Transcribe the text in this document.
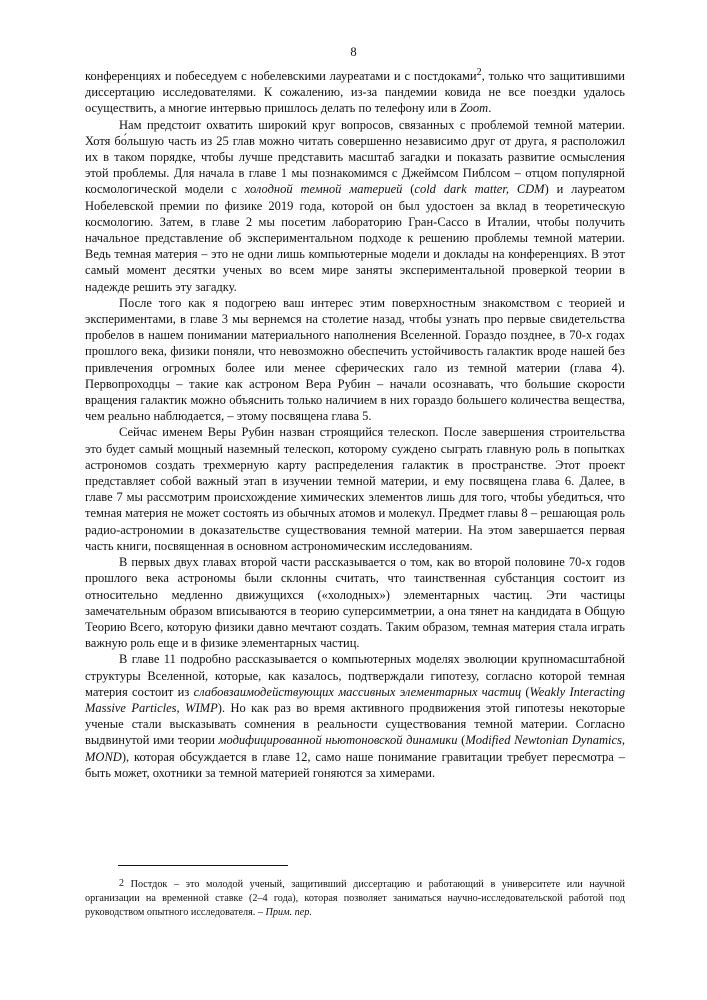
8

конференциях и побеседуем с нобелевскими лауреатами и с постдоками$^2$, только что защитившими диссертацию исследователями. К сожалению, из-за пандемии ковида не все поездки удалось осуществить, а многие интервью пришлось делать по телефону или в Zoom.

Нам предстоит охватить широкий круг вопросов, связанных с проблемой темной материи. Хотя бо́льшую часть из 25 глав можно читать совершенно независимо друг от друга, я расположил их в таком порядке, чтобы лучше представить масштаб загадки и показать развитие осмысления этой проблемы. Для начала в главе 1 мы познакомимся с Джеймсом Пиблсом – отцом популярной космологической модели с холодной темной материей (cold dark matter, CDM) и лауреатом Нобелевской премии по физике 2019 года, которой он был удостоен за вклад в теоретическую космологию. Затем, в главе 2 мы посетим лабораторию Гран-Сассо в Италии, чтобы получить начальное представление об экспериментальном подходе к решению проблемы темной материи. Ведь темная материя – это не одни лишь компьютерные модели и доклады на конференциях. В этот самый момент десятки ученых во всем мире заняты экспериментальной проверкой теории в надежде решить эту загадку.

После того как я подогрею ваш интерес этим поверхностным знакомством с теорией и экспериментами, в главе 3 мы вернемся на столетие назад, чтобы узнать про первые свидетельства пробелов в нашем понимании материального наполнения Вселенной. Гораздо позднее, в 70-х годах прошлого века, физики поняли, что невозможно обеспечить устойчивость галактик вроде нашей без привлечения огромных более или менее сферических гало из темной материи (глава 4). Первопроходцы – такие как астроном Вера Рубин – начали осознавать, что большие скорости вращения галактик можно объяснить только наличием в них гораздо большего количества вещества, чем реально наблюдается, – этому посвящена глава 5.

Сейчас именем Веры Рубин назван строящийся телескоп. После завершения строительства это будет самый мощный наземный телескоп, которому суждено сыграть главную роль в попытках астрономов создать трехмерную карту распределения галактик в пространстве. Этот проект представляет собой важный этап в изучении темной материи, и ему посвящена глава 6. Далее, в главе 7 мы рассмотрим происхождение химических элементов лишь для того, чтобы убедиться, что темная материя не может состоять из обычных атомов и молекул. Предмет главы 8 – решающая роль радио-астрономии в доказательстве существования темной материи. На этом завершается первая часть книги, посвященная в основном астрономическим исследованиям.

В первых двух главах второй части рассказывается о том, как во второй половине 70-х годов прошлого века астрономы были склонны считать, что таинственная субстанция состоит из относительно медленно движущихся («холодных») элементарных частиц. Эти частицы замечательным образом вписываются в теорию суперсимметрии, а она тянет на кандидата в Общую Теорию Всего, которую физики давно мечтают создать. Таким образом, темная материя стала играть важную роль еще и в физике элементарных частиц.

В главе 11 подробно рассказывается о компьютерных моделях эволюции крупномасштабной структуры Вселенной, которые, как казалось, подтверждали гипотезу, согласно которой темная материя состоит из слабовзаимодействующих массивных элементарных частиц (Weakly Interacting Massive Particles, WIMP). Но как раз во время активного продвижения этой гипотезы некоторые ученые стали высказывать сомнения в реальности существования темной материи. Согласно выдвинутой ими теории модифицированной ньютоновской динамики (Modified Newtonian Dynamics, MOND), которая обсуждается в главе 12, само наше понимание гравитации требует пересмотра – быть может, охотники за темной материей гоняются за химерами.

2 Постдок – это молодой ученый, защитивший диссертацию и работающий в университете или научной организации на временной ставке (2–4 года), которая позволяет заниматься научно-исследовательской работой под руководством опытного исследователя. – Прим. пер.
